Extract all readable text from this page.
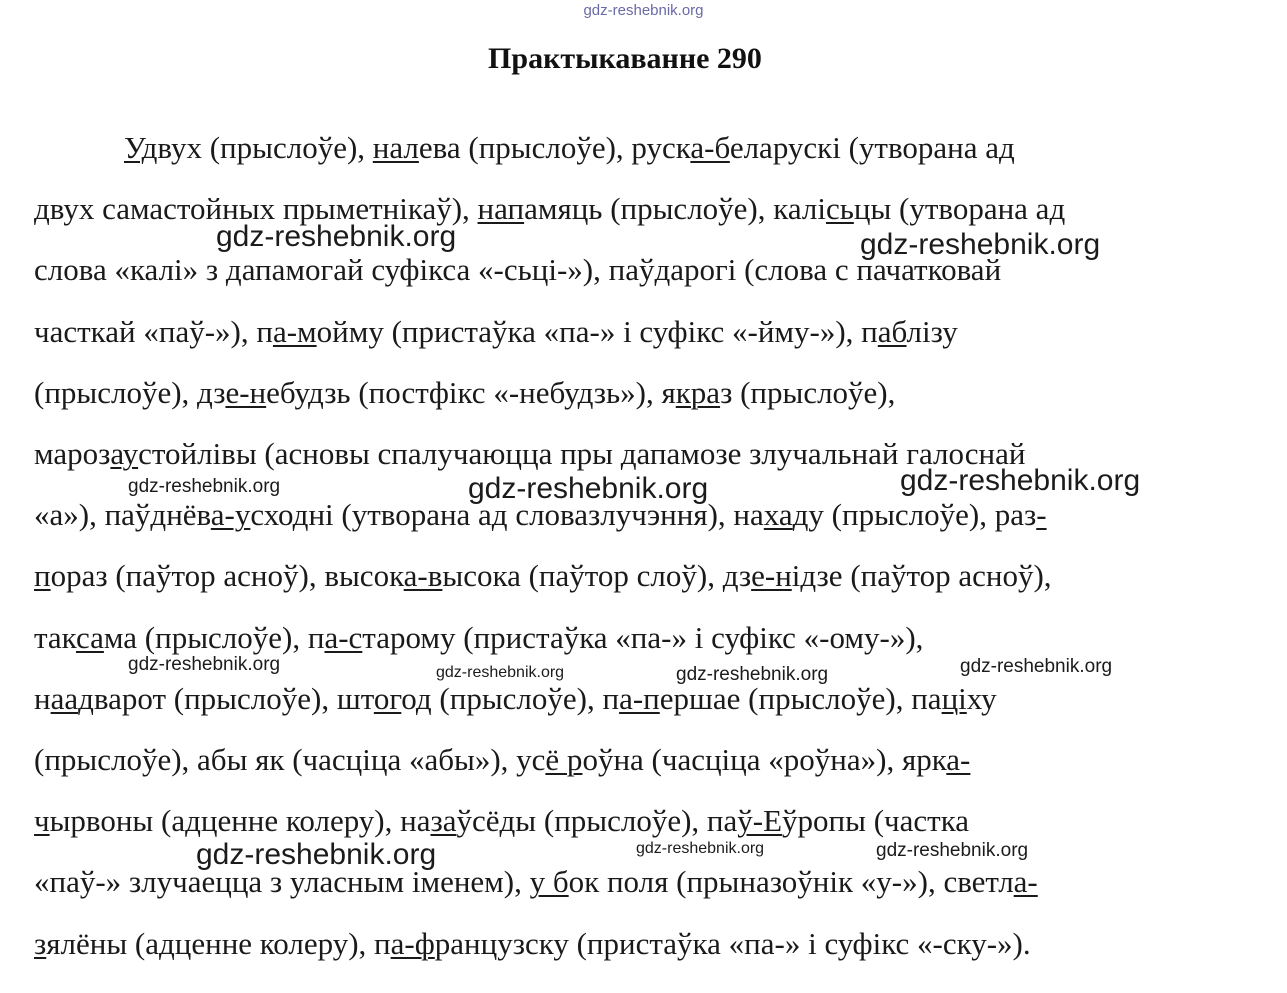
gdz-reshebnik.org
Практыкаванне 290
Удвух (прыслоўе), налева (прыслоўе), руска-беларускі (утворана ад
двух самастойных прыметнікаў), напамяць (прыслоўе), калісьцы (утворана ад
слова «калі» з дапамогай суфікса «-сьці-»), паўдарогі (слова с пачатковай
часткай «паў-»), па-мойму (пристаўка «па-» і суфікс «-йму-»), паблізу
(прыслоўе), дзе-небудзь (постфікс «-небудзь»), якраз (прыслоўе),
марозаустойлівы (асновы спалучаюцца пры дапамозе злучальнай галоснай
«а»), паўднёва-усходні (утворана ад словазлучэння), нахаду (прыслоўе), раз-
пораз (паўтор асноў), высока-высока (паўтор слоў), дзе-нідзе (паўтор асноў),
таксама (прыслоўе), па-старому (пристаўка «па-» і суфікс «-ому-»),
наадварот (прыслоўе), штогод (прыслоўе), па-першае (прыслоўе), паціху
(прыслоўе), абы як (часціца «абы»), усё роўна (часціца «роўна»), ярка-
чырвоны (адценне колеру), назаўсёды (прыслоўе), паў-Еўропы (частка
«паў-» злучаецца з уласным іменем), у бок поля (прыназоўнік «у-»), светла-
зялёны (адценне колеру), па-французску (пристаўка «па-» і суфікс «-ску-»).
gdz-reshebnik.org	gdz-reshebnik.org
gdz-reshebnik.org	gdz-reshebnik.org	gdz-reshebnik.org
gdz-reshebnik.org	gdz-reshebnik.org	gdz-reshebnik.org	gdz-reshebnik.org
gdz-reshebnik.org	gdz-reshebnik.org	gdz-reshebnik.org
